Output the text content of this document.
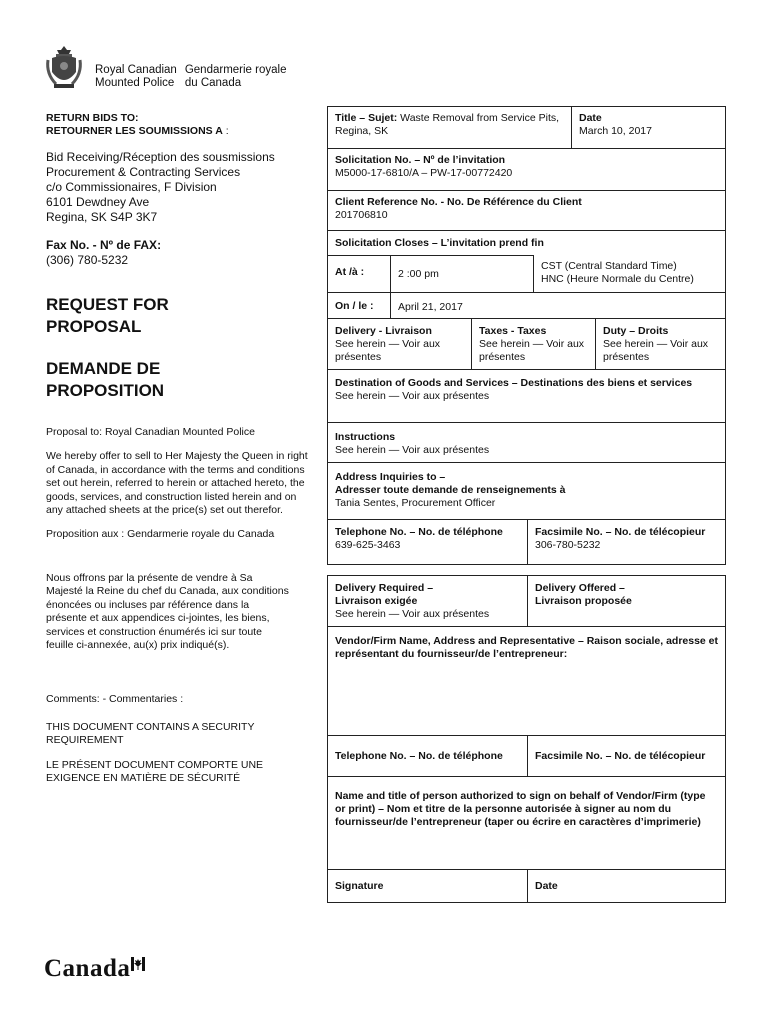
Royal Canadian
Mounted PoliceGendarmerie royale
du Canada
RETURN BIDS TO:
RETOURNER LES SOUMISSIONS A :
Bid Receiving/Réception des sousmissions
Procurement & Contracting Services
c/o Commissionaires, F Division
6101 Dewdney Ave
Regina, SK S4P 3K7
Fax No. - Nº de FAX:
(306) 780-5232
REQUEST FOR
PROPOSAL
DEMANDE DE
PROPOSITION

Proposal to: Royal Canadian Mounted Police

We hereby offer to sell to Her Majesty the Queen in right of Canada, in accordance with the terms and conditions set out herein, referred to herein or attached hereto, the goods, services, and construction listed herein and on any attached sheets at the price(s) set out therefor.

Proposition aux : Gendarmerie royale du Canada

Nous offrons par la présente de vendre à Sa Majesté la Reine du chef du Canada, aux conditions énoncées ou incluses par référence dans la présente et aux appendices ci-jointes, les biens, services et construction énumérés ici sur toute feuille ci-annexée, au(x) prix indiqué(s).

Comments: - Commentaries :

THIS DOCUMENT CONTAINS A SECURITY REQUIREMENT

LE PRÉSENT DOCUMENT COMPORTE UNE EXIGENCE EN MATIÈRE DE SÉCURITÉ

Title – Sujet: Waste Removal from Service Pits, Regina, SK
Date
March 10, 2017
Solicitation No. – Nº de l’invitation
M5000-17-6810/A – PW-17-00772420
Client Reference No. - No. De Référence du Client
201706810
Solicitation Closes – L’invitation prend fin
At /à :	2 :00 pm
CST (Central Standard Time)
HNC (Heure Normale du Centre)
On / le :	April 21, 2017
Delivery - Livraison
See herein — Voir aux présentes
Taxes - Taxes
See herein — Voir aux présentes
Duty – Droits
See herein — Voir aux présentes
Destination of Goods and Services – Destinations des biens et services
See herein — Voir aux présentes
Instructions
See herein — Voir aux présentes
Address Inquiries to –
Adresser toute demande de renseignements à
Tania Sentes, Procurement Officer
Telephone No. – No. de téléphone
639-625-3463
Facsimile No. – No. de télécopieur
306-780-5232
Delivery Required –
Livraison exigée
See herein — Voir aux présentes
Delivery Offered –
Livraison proposée
Vendor/Firm Name, Address and Representative – Raison sociale, adresse et représentant du fournisseur/de l’entrepreneur:
Telephone No. – No. de téléphone	Facsimile No. – No. de télécopieur
Name and title of person authorized to sign on behalf of Vendor/Firm (type or print) – Nom et titre de la personne autorisée à signer au nom du fournisseur/de l’entrepreneur (taper ou écrire en caractères d’imprimerie)
Signature	Date
Canada
